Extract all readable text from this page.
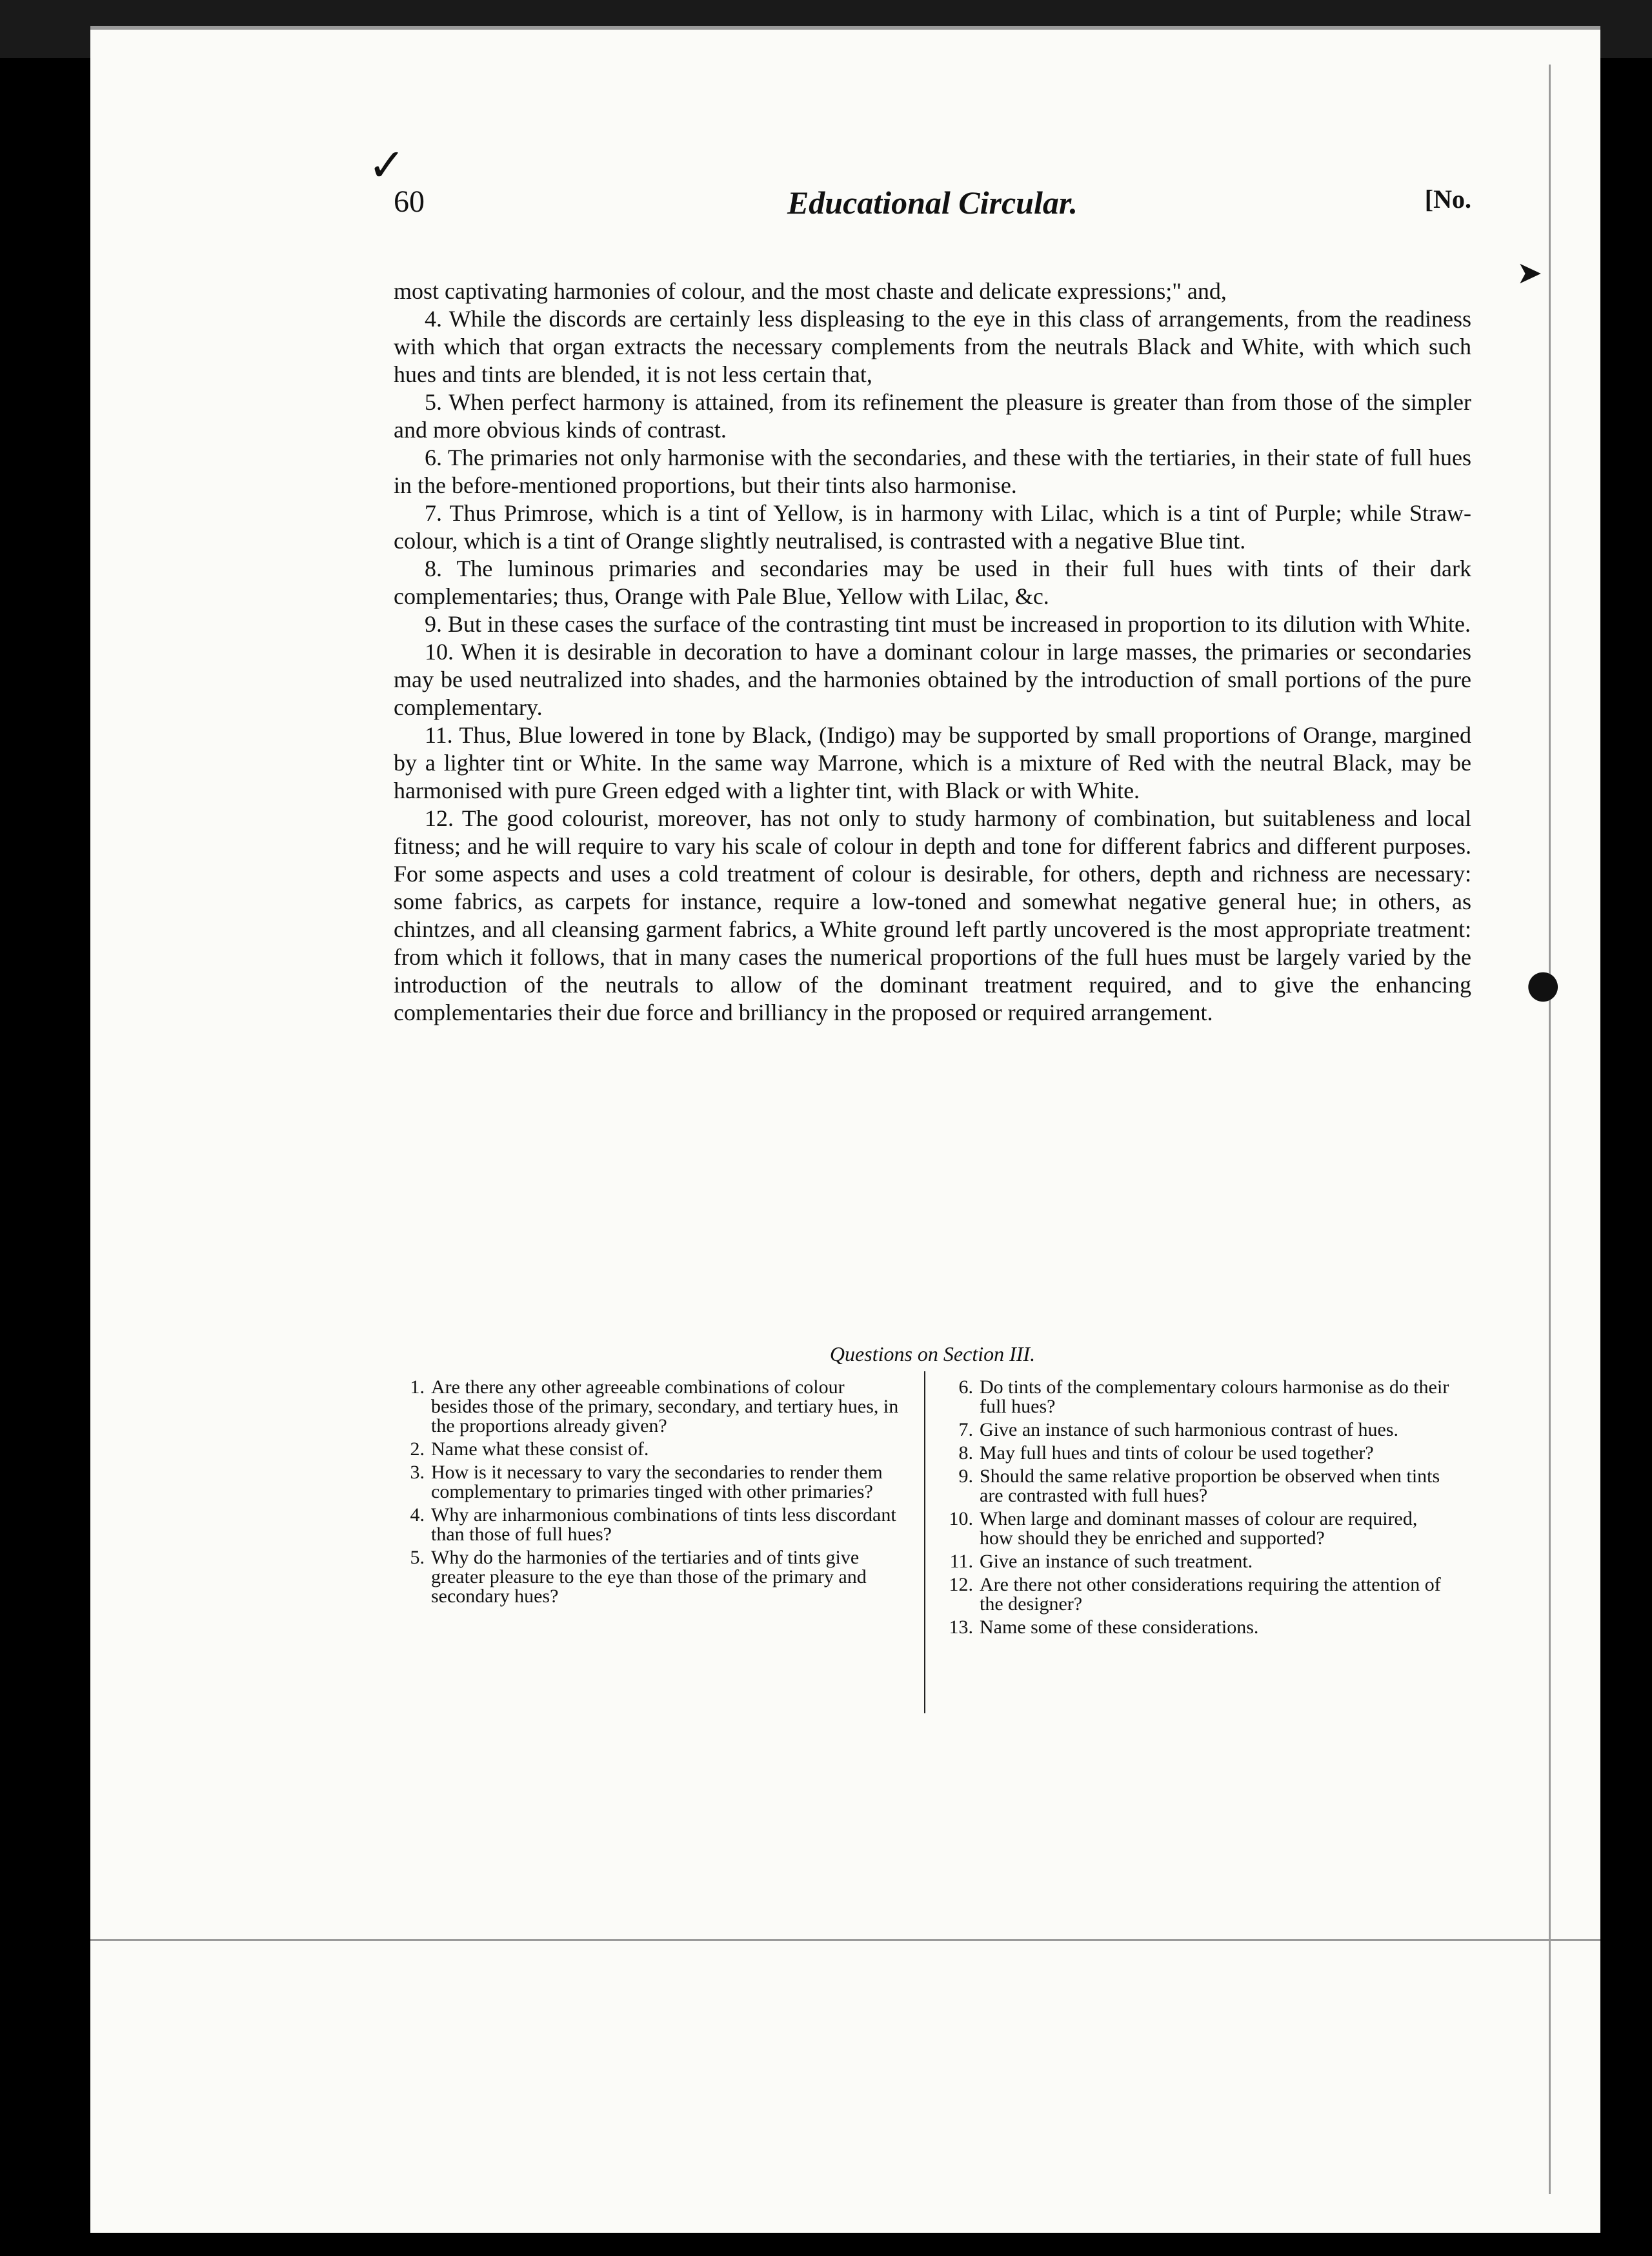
✓
➤
●
60	Educational Circular.	[No.

most captivating harmonies of colour, and the most chaste and delicate expressions;" and,

4. While the discords are certainly less displeasing to the eye in this class of arrangements, from the readiness with which that organ extracts the necessary complements from the neutrals Black and White, with which such hues and tints are blended, it is not less certain that,

5. When perfect harmony is attained, from its refinement the pleasure is greater than from those of the simpler and more obvious kinds of contrast.

6. The primaries not only harmonise with the secondaries, and these with the tertiaries, in their state of full hues in the before-mentioned proportions, but their tints also harmonise.

7. Thus Primrose, which is a tint of Yellow, is in harmony with Lilac, which is a tint of Purple; while Straw-colour, which is a tint of Orange slightly neutralised, is contrasted with a negative Blue tint.

8. The luminous primaries and secondaries may be used in their full hues with tints of their dark complementaries; thus, Orange with Pale Blue, Yellow with Lilac, &c.

9. But in these cases the surface of the contrasting tint must be increased in proportion to its dilution with White.

10. When it is desirable in decoration to have a dominant colour in large masses, the primaries or secondaries may be used neutralized into shades, and the harmonies obtained by the introduction of small portions of the pure complementary.

11. Thus, Blue lowered in tone by Black, (Indigo) may be supported by small proportions of Orange, margined by a lighter tint or White. In the same way Marrone, which is a mixture of Red with the neutral Black, may be harmonised with pure Green edged with a lighter tint, with Black or with White.

12. The good colourist, moreover, has not only to study harmony of combination, but suitableness and local fitness; and he will require to vary his scale of colour in depth and tone for different fabrics and different purposes. For some aspects and uses a cold treatment of colour is desirable, for others, depth and richness are necessary: some fabrics, as carpets for instance, require a low-toned and somewhat negative general hue; in others, as chintzes, and all cleansing garment fabrics, a White ground left partly uncovered is the most appropriate treatment: from which it follows, that in many cases the numerical proportions of the full hues must be largely varied by the introduction of the neutrals to allow of the dominant treatment required, and to give the enhancing complementaries their due force and brilliancy in the proposed or required arrangement.

Questions on Section III.
1. Are there any other agreeable combinations of colour besides those of the primary, secondary, and tertiary hues, in the proportions already given?
2. Name what these consist of.
3. How is it necessary to vary the secondaries to render them complementary to primaries tinged with other primaries?
4. Why are inharmonious combinations of tints less discordant than those of full hues?
5. Why do the harmonies of the tertiaries and of tints give greater pleasure to the eye than those of the primary and secondary hues?
6. Do tints of the complementary colours harmonise as do their full hues?
7. Give an instance of such harmonious contrast of hues.
8. May full hues and tints of colour be used together?
9. Should the same relative proportion be observed when tints are contrasted with full hues?
10. When large and dominant masses of colour are required, how should they be enriched and supported?
11. Give an instance of such treatment.
12. Are there not other considerations requiring the attention of the designer?
13. Name some of these considerations.
